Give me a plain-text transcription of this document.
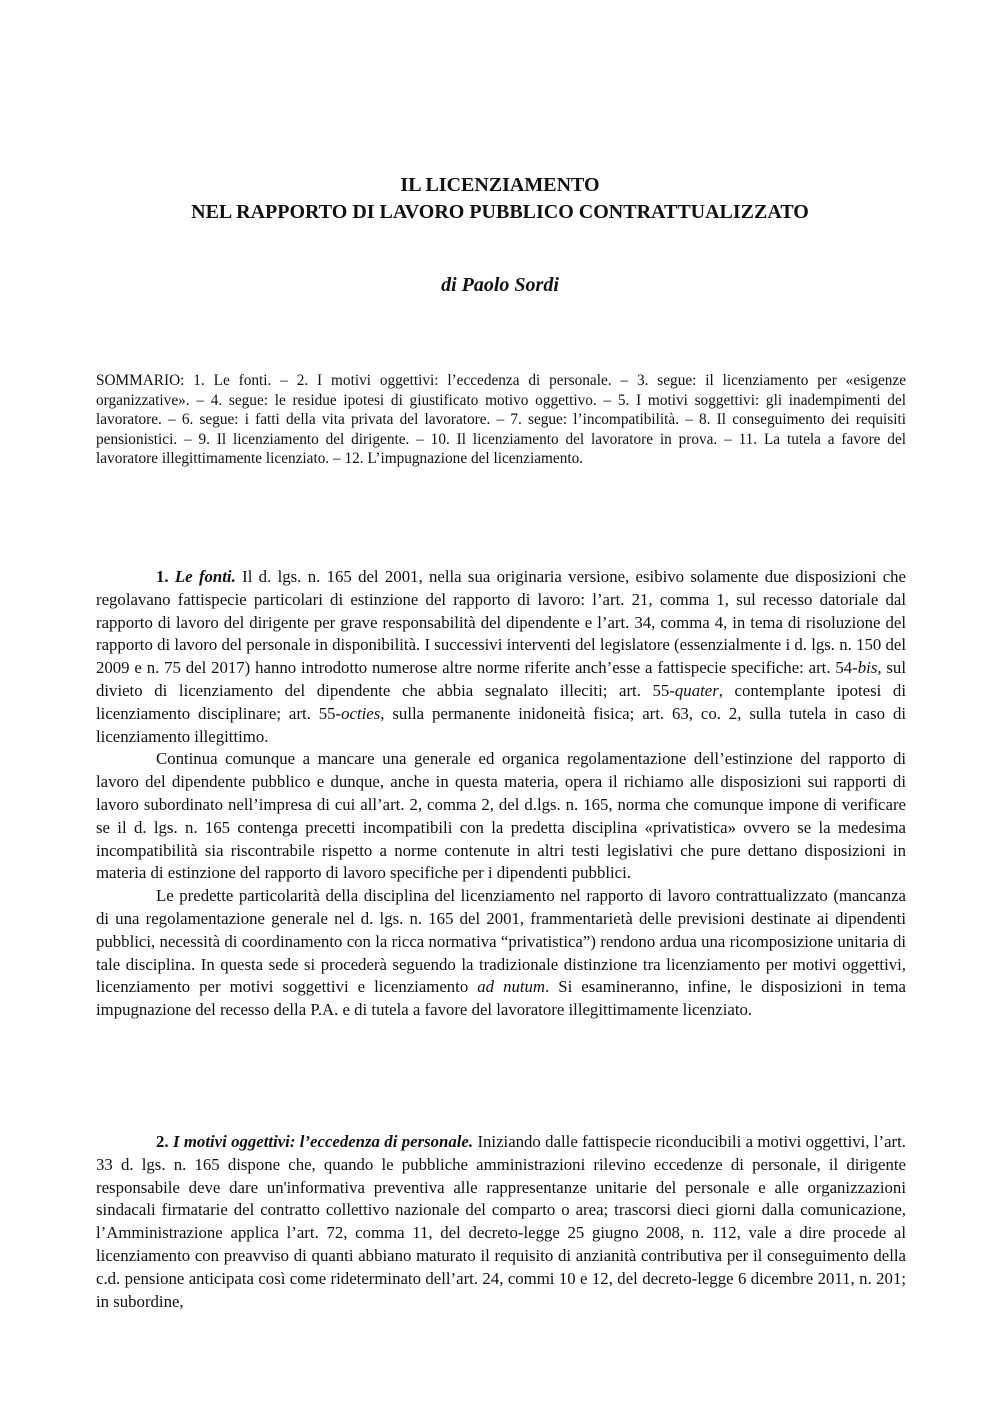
IL LICENZIAMENTO
NEL RAPPORTO DI LAVORO PUBBLICO CONTRATTUALIZZATO
di Paolo Sordi
SOMMARIO: 1. Le fonti. – 2. I motivi oggettivi: l’eccedenza di personale. – 3. segue: il licenziamento per «esigenze organizzative». – 4. segue: le residue ipotesi di giustificato motivo oggettivo. – 5. I motivi soggettivi: gli inadempimenti del lavoratore. – 6. segue: i fatti della vita privata del lavoratore. – 7. segue: l’incompatibilità. – 8. Il conseguimento dei requisiti pensionistici. – 9. Il licenziamento del dirigente. – 10. Il licenziamento del lavoratore in prova. – 11. La tutela a favore del lavoratore illegittimamente licenziato. – 12. L’impugnazione del licenziamento.

1. Le fonti. Il d. lgs. n. 165 del 2001, nella sua originaria versione, esibivo solamente due disposizioni che regolavano fattispecie particolari di estinzione del rapporto di lavoro: l’art. 21, comma 1, sul recesso datoriale dal rapporto di lavoro del dirigente per grave responsabilità del dipendente e l’art. 34, comma 4, in tema di risoluzione del rapporto di lavoro del personale in disponibilità. I successivi interventi del legislatore (essenzialmente i d. lgs. n. 150 del 2009 e n. 75 del 2017) hanno introdotto numerose altre norme riferite anch’esse a fattispecie specifiche: art. 54-bis, sul divieto di licenziamento del dipendente che abbia segnalato illeciti; art. 55-quater, contemplante ipotesi di licenziamento disciplinare; art. 55-octies, sulla permanente inidoneità fisica; art. 63, co. 2, sulla tutela in caso di licenziamento illegittimo.

Continua comunque a mancare una generale ed organica regolamentazione dell’estinzione del rapporto di lavoro del dipendente pubblico e dunque, anche in questa materia, opera il richiamo alle disposizioni sui rapporti di lavoro subordinato nell’impresa di cui all’art. 2, comma 2, del d.lgs. n. 165, norma che comunque impone di verificare se il d. lgs. n. 165 contenga precetti incompatibili con la predetta disciplina «privatistica» ovvero se la medesima incompatibilità sia riscontrabile rispetto a norme contenute in altri testi legislativi che pure dettano disposizioni in materia di estinzione del rapporto di lavoro specifiche per i dipendenti pubblici.

Le predette particolarità della disciplina del licenziamento nel rapporto di lavoro contrattualizzato (mancanza di una regolamentazione generale nel d. lgs. n. 165 del 2001, frammentarietà delle previsioni destinate ai dipendenti pubblici, necessità di coordinamento con la ricca normativa “privatistica”) rendono ardua una ricomposizione unitaria di tale disciplina. In questa sede si procederà seguendo la tradizionale distinzione tra licenziamento per motivi oggettivi, licenziamento per motivi soggettivi e licenziamento ad nutum. Si esamineranno, infine, le disposizioni in tema impugnazione del recesso della P.A. e di tutela a favore del lavoratore illegittimamente licenziato.

2. I motivi oggettivi: l’eccedenza di personale. Iniziando dalle fattispecie riconducibili a motivi oggettivi, l’art. 33 d. lgs. n. 165 dispone che, quando le pubbliche amministrazioni rilevino eccedenze di personale, il dirigente responsabile deve dare un'informativa preventiva alle rappresentanze unitarie del personale e alle organizzazioni sindacali firmatarie del contratto collettivo nazionale del comparto o area; trascorsi dieci giorni dalla comunicazione, l’Amministrazione applica l’art. 72, comma 11, del decreto-legge 25 giugno 2008, n. 112, vale a dire procede al licenziamento con preavviso di quanti abbiano maturato il requisito di anzianità contributiva per il conseguimento della c.d. pensione anticipata così come rideterminato dell’art. 24, commi 10 e 12, del decreto-legge 6 dicembre 2011, n. 201; in subordine,
